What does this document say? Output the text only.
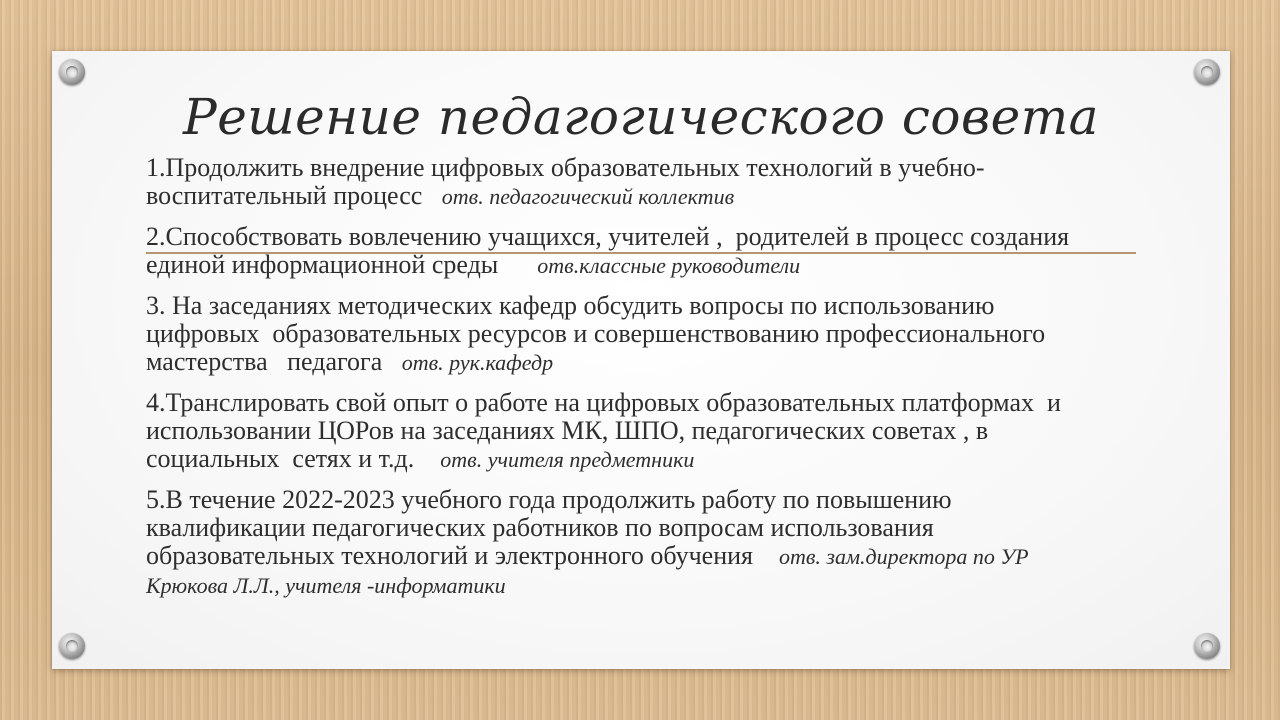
Решение педагогического совета
1.Продолжить внедрение цифровых образовательных технологий в учебно-
воспитательный процесс   отв. педагогический коллектив
2.Способствовать вовлечению учащихся, учителей ,  родителей в процесс создания
единой информационной среды      отв.классные руководители
3. На заседаниях методических кафедр обсудить вопросы по использованию
цифровых  образовательных ресурсов и совершенствованию профессионального
мастерства   педагога   отв. рук.кафедр
4.Транслировать свой опыт о работе на цифровых образовательных платформах  и
использовании ЦОРов на заседаниях МК, ШПО, педагогических советах , в
социальных  сетях и т.д.    отв. учителя предметники
5.В течение 2022-2023 учебного года продолжить работу по повышению
квалификации педагогических работников по вопросам использования
образовательных технологий и электронного обучения    отв. зам.директора по УР
Крюкова Л.Л., учителя -информатики
